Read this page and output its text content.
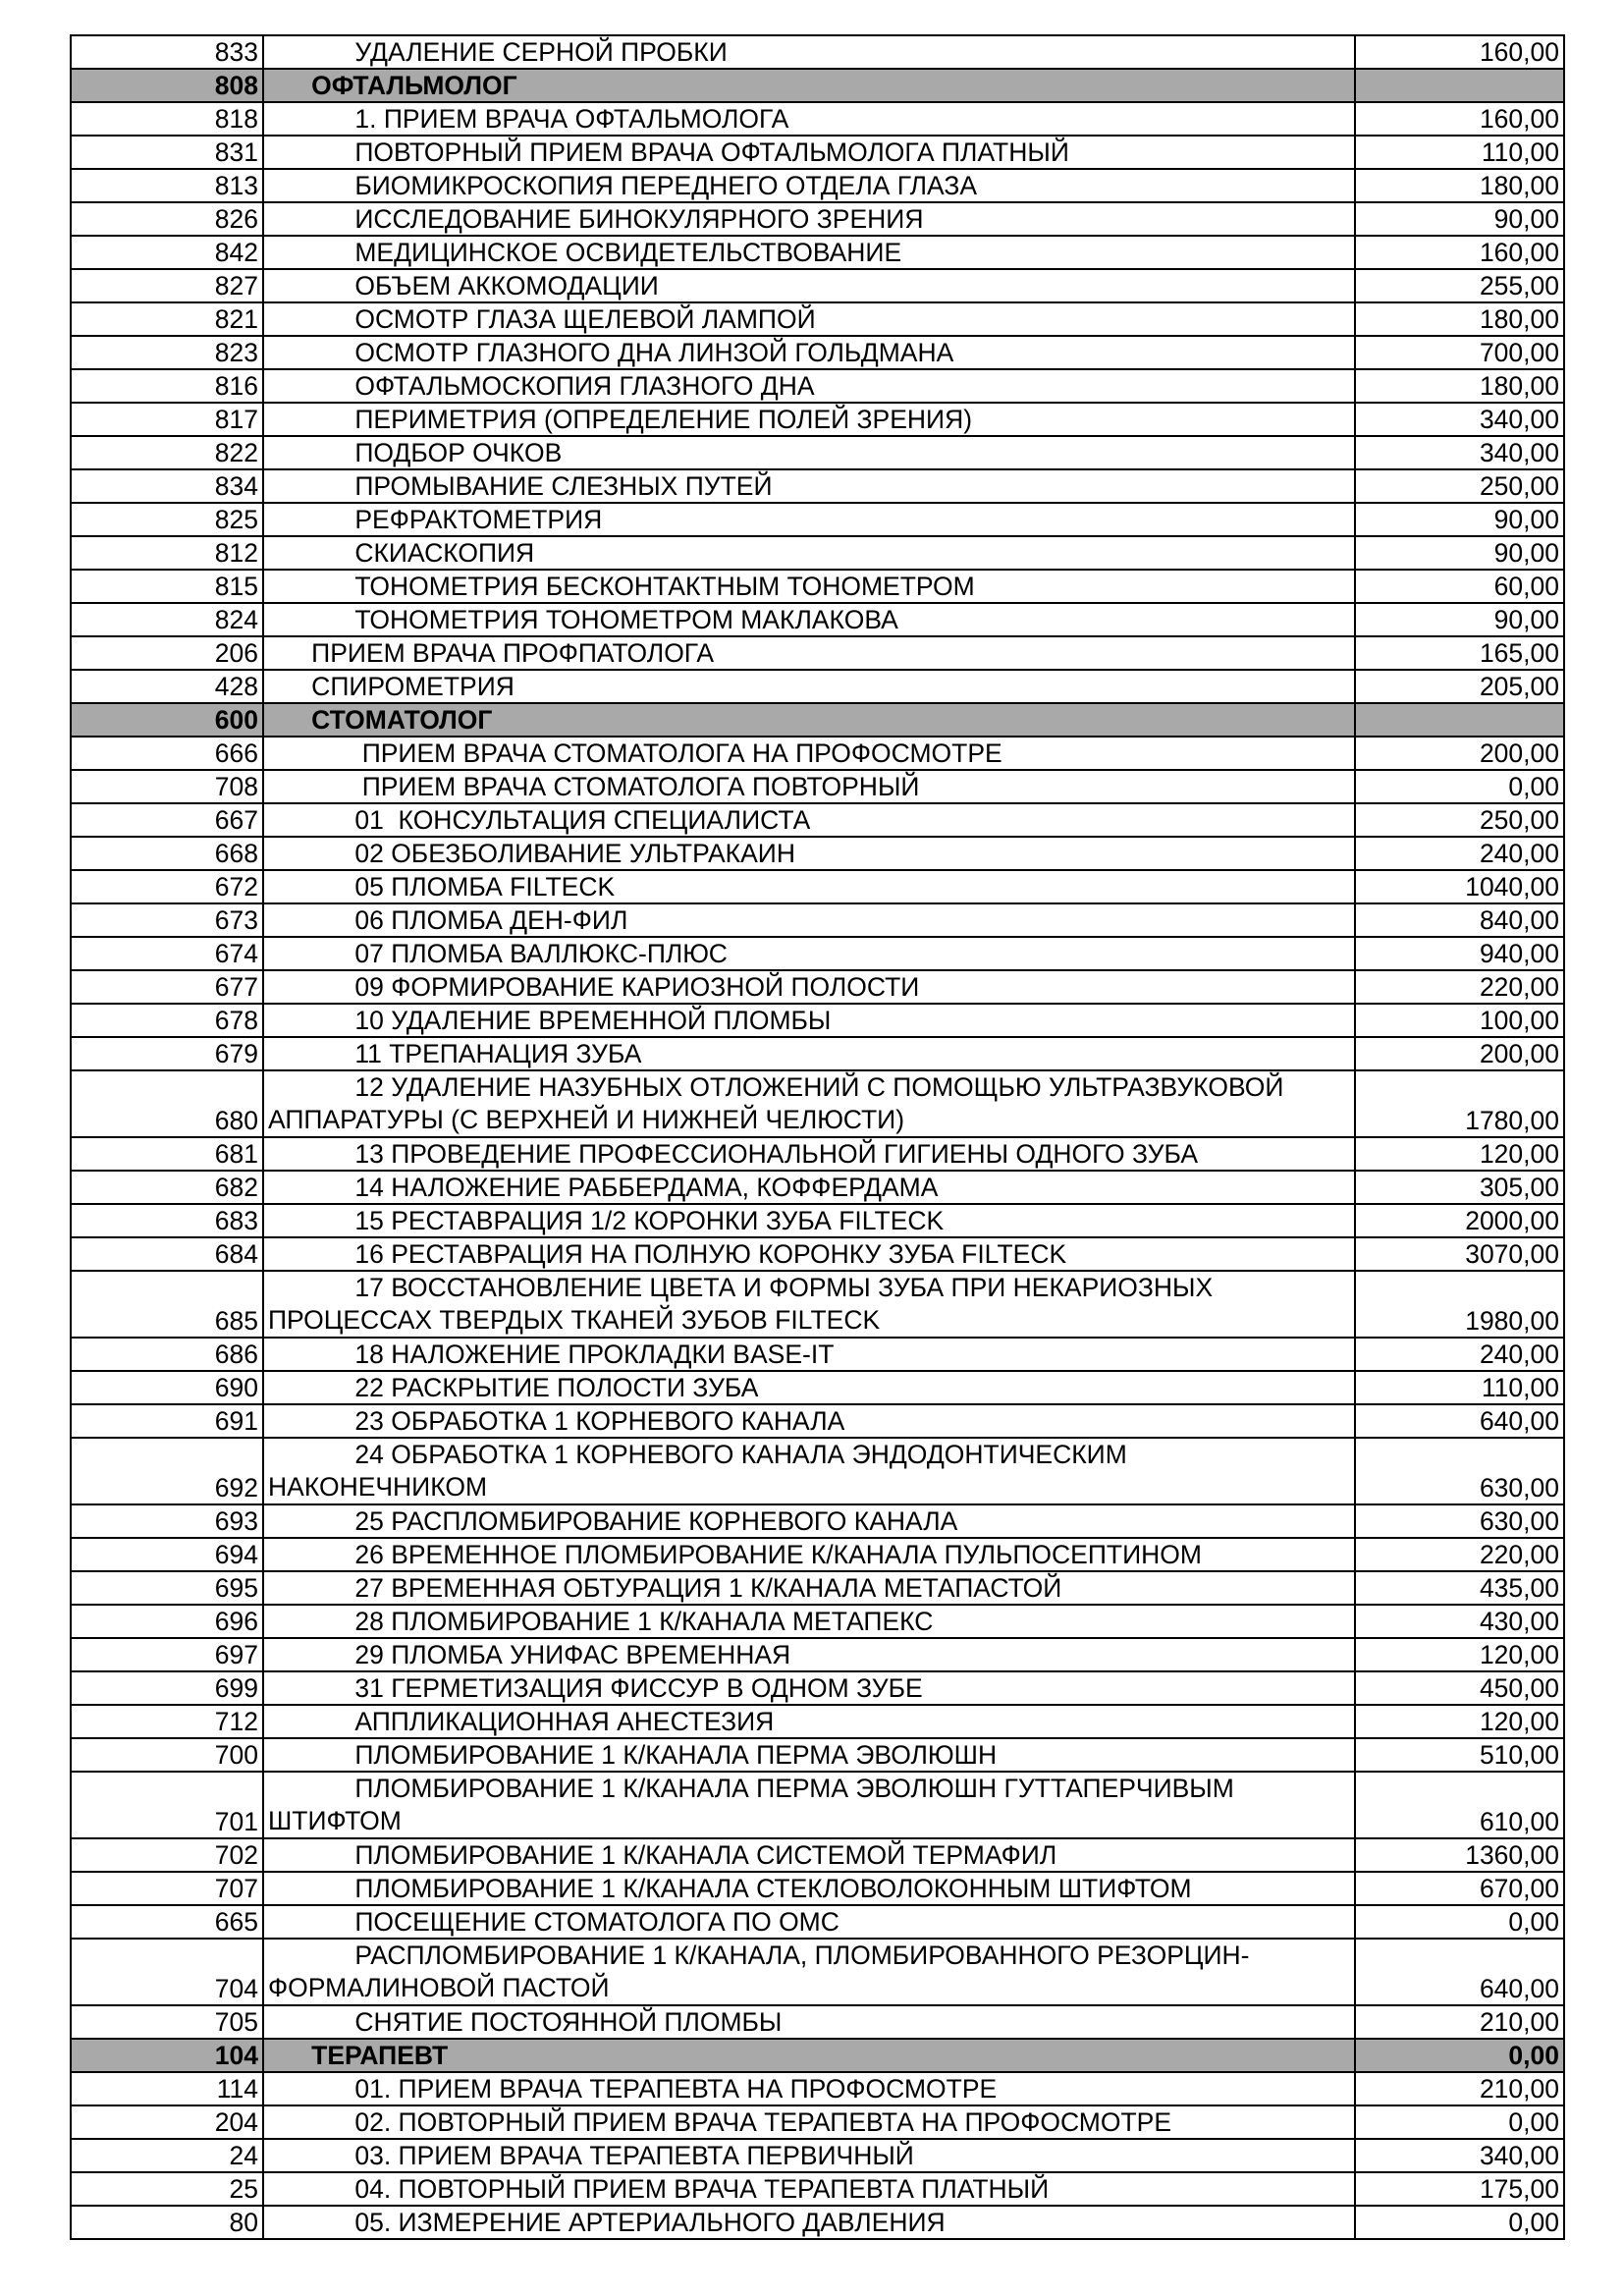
833	УДАЛЕНИЕ СЕРНОЙ ПРОБКИ	160,00
808	ОФТАЛЬМОЛОГ	
818	1. ПРИЕМ ВРАЧА ОФТАЛЬМОЛОГА	160,00
831	ПОВТОРНЫЙ ПРИЕМ ВРАЧА ОФТАЛЬМОЛОГА ПЛАТНЫЙ	110,00
813	БИОМИКРОСКОПИЯ ПЕРЕДНЕГО ОТДЕЛА ГЛАЗА	180,00
826	ИССЛЕДОВАНИЕ БИНОКУЛЯРНОГО ЗРЕНИЯ	90,00
842	МЕДИЦИНСКОЕ ОСВИДЕТЕЛЬСТВОВАНИЕ	160,00
827	ОБЪЕМ АККОМОДАЦИИ	255,00
821	ОСМОТР ГЛАЗА ЩЕЛЕВОЙ ЛАМПОЙ	180,00
823	ОСМОТР ГЛАЗНОГО ДНА ЛИНЗОЙ ГОЛЬДМАНА	700,00
816	ОФТАЛЬМОСКОПИЯ ГЛАЗНОГО ДНА	180,00
817	ПЕРИМЕТРИЯ (ОПРЕДЕЛЕНИЕ ПОЛЕЙ ЗРЕНИЯ)	340,00
822	ПОДБОР ОЧКОВ	340,00
834	ПРОМЫВАНИЕ СЛЕЗНЫХ ПУТЕЙ	250,00
825	РЕФРАКТОМЕТРИЯ	90,00
812	СКИАСКОПИЯ	90,00
815	ТОНОМЕТРИЯ БЕСКОНТАКТНЫМ ТОНОМЕТРОМ	60,00
824	ТОНОМЕТРИЯ ТОНОМЕТРОМ МАКЛАКОВА	90,00
206	ПРИЕМ ВРАЧА ПРОФПАТОЛОГА	165,00
428	СПИРОМЕТРИЯ	205,00
600	СТОМАТОЛОГ	
666	ПРИЕМ ВРАЧА СТОМАТОЛОГА НА ПРОФОСМОТРЕ	200,00
708	ПРИЕМ ВРАЧА СТОМАТОЛОГА ПОВТОРНЫЙ	0,00
667	01  КОНСУЛЬТАЦИЯ СПЕЦИАЛИСТА	250,00
668	02 ОБЕЗБОЛИВАНИЕ УЛЬТРАКАИН	240,00
672	05 ПЛОМБА FILTECK	1040,00
673	06 ПЛОМБА ДЕН-ФИЛ	840,00
674	07 ПЛОМБА ВАЛЛЮКС-ПЛЮС	940,00
677	09 ФОРМИРОВАНИЕ КАРИОЗНОЙ ПОЛОСТИ	220,00
678	10 УДАЛЕНИЕ ВРЕМЕННОЙ ПЛОМБЫ	100,00
679	11 ТРЕПАНАЦИЯ ЗУБА	200,00
680	12 УДАЛЕНИЕ НАЗУБНЫХ ОТЛОЖЕНИЙ С ПОМОЩЬЮ УЛЬТРАЗВУКОВОЙ
АППАРАТУРЫ (С ВЕРХНЕЙ И НИЖНЕЙ ЧЕЛЮСТИ)	1780,00
681	13 ПРОВЕДЕНИЕ ПРОФЕССИОНАЛЬНОЙ ГИГИЕНЫ ОДНОГО ЗУБА	120,00
682	14 НАЛОЖЕНИЕ РАББЕРДАМА, КОФФЕРДАМА	305,00
683	15 РЕСТАВРАЦИЯ 1/2 КОРОНКИ ЗУБА FILTECK	2000,00
684	16 РЕСТАВРАЦИЯ НА ПОЛНУЮ КОРОНКУ ЗУБА FILTECK	3070,00
685	17 ВОССТАНОВЛЕНИЕ ЦВЕТА И ФОРМЫ ЗУБА ПРИ НЕКАРИОЗНЫХ
ПРОЦЕССАХ ТВЕРДЫХ ТКАНЕЙ ЗУБОВ FILTECK	1980,00
686	18 НАЛОЖЕНИЕ ПРОКЛАДКИ BASE-IT	240,00
690	22 РАСКРЫТИЕ ПОЛОСТИ ЗУБА	110,00
691	23 ОБРАБОТКА 1 КОРНЕВОГО КАНАЛА	640,00
692	24 ОБРАБОТКА 1 КОРНЕВОГО КАНАЛА ЭНДОДОНТИЧЕСКИМ
НАКОНЕЧНИКОМ	630,00
693	25 РАСПЛОМБИРОВАНИЕ КОРНЕВОГО КАНАЛА	630,00
694	26 ВРЕМЕННОЕ ПЛОМБИРОВАНИЕ К/КАНАЛА ПУЛЬПОСЕПТИНОМ	220,00
695	27 ВРЕМЕННАЯ ОБТУРАЦИЯ 1 К/КАНАЛА МЕТАПАСТОЙ	435,00
696	28 ПЛОМБИРОВАНИЕ 1 К/КАНАЛА МЕТАПЕКС	430,00
697	29 ПЛОМБА УНИФАС ВРЕМЕННАЯ	120,00
699	31 ГЕРМЕТИЗАЦИЯ ФИССУР В ОДНОМ ЗУБЕ	450,00
712	АППЛИКАЦИОННАЯ АНЕСТЕЗИЯ	120,00
700	ПЛОМБИРОВАНИЕ 1 К/КАНАЛА ПЕРМА ЭВОЛЮШН	510,00
701	ПЛОМБИРОВАНИЕ 1 К/КАНАЛА ПЕРМА ЭВОЛЮШН ГУТТАПЕРЧИВЫМ
ШТИФТОМ	610,00
702	ПЛОМБИРОВАНИЕ 1 К/КАНАЛА СИСТЕМОЙ ТЕРМАФИЛ	1360,00
707	ПЛОМБИРОВАНИЕ 1 К/КАНАЛА СТЕКЛОВОЛОКОННЫМ ШТИФТОМ	670,00
665	ПОСЕЩЕНИЕ СТОМАТОЛОГА ПО ОМС	0,00
704	РАСПЛОМБИРОВАНИЕ 1 К/КАНАЛА, ПЛОМБИРОВАННОГО РЕЗОРЦИН-
ФОРМАЛИНОВОЙ ПАСТОЙ	640,00
705	СНЯТИЕ ПОСТОЯННОЙ ПЛОМБЫ	210,00
104	ТЕРАПЕВТ	0,00
114	01. ПРИЕМ ВРАЧА ТЕРАПЕВТА НА ПРОФОСМОТРЕ	210,00
204	02. ПОВТОРНЫЙ ПРИЕМ ВРАЧА ТЕРАПЕВТА НА ПРОФОСМОТРЕ	0,00
24	03. ПРИЕМ ВРАЧА ТЕРАПЕВТА ПЕРВИЧНЫЙ	340,00
25	04. ПОВТОРНЫЙ ПРИЕМ ВРАЧА ТЕРАПЕВТА ПЛАТНЫЙ	175,00
80	05. ИЗМЕРЕНИЕ АРТЕРИАЛЬНОГО ДАВЛЕНИЯ	0,00
